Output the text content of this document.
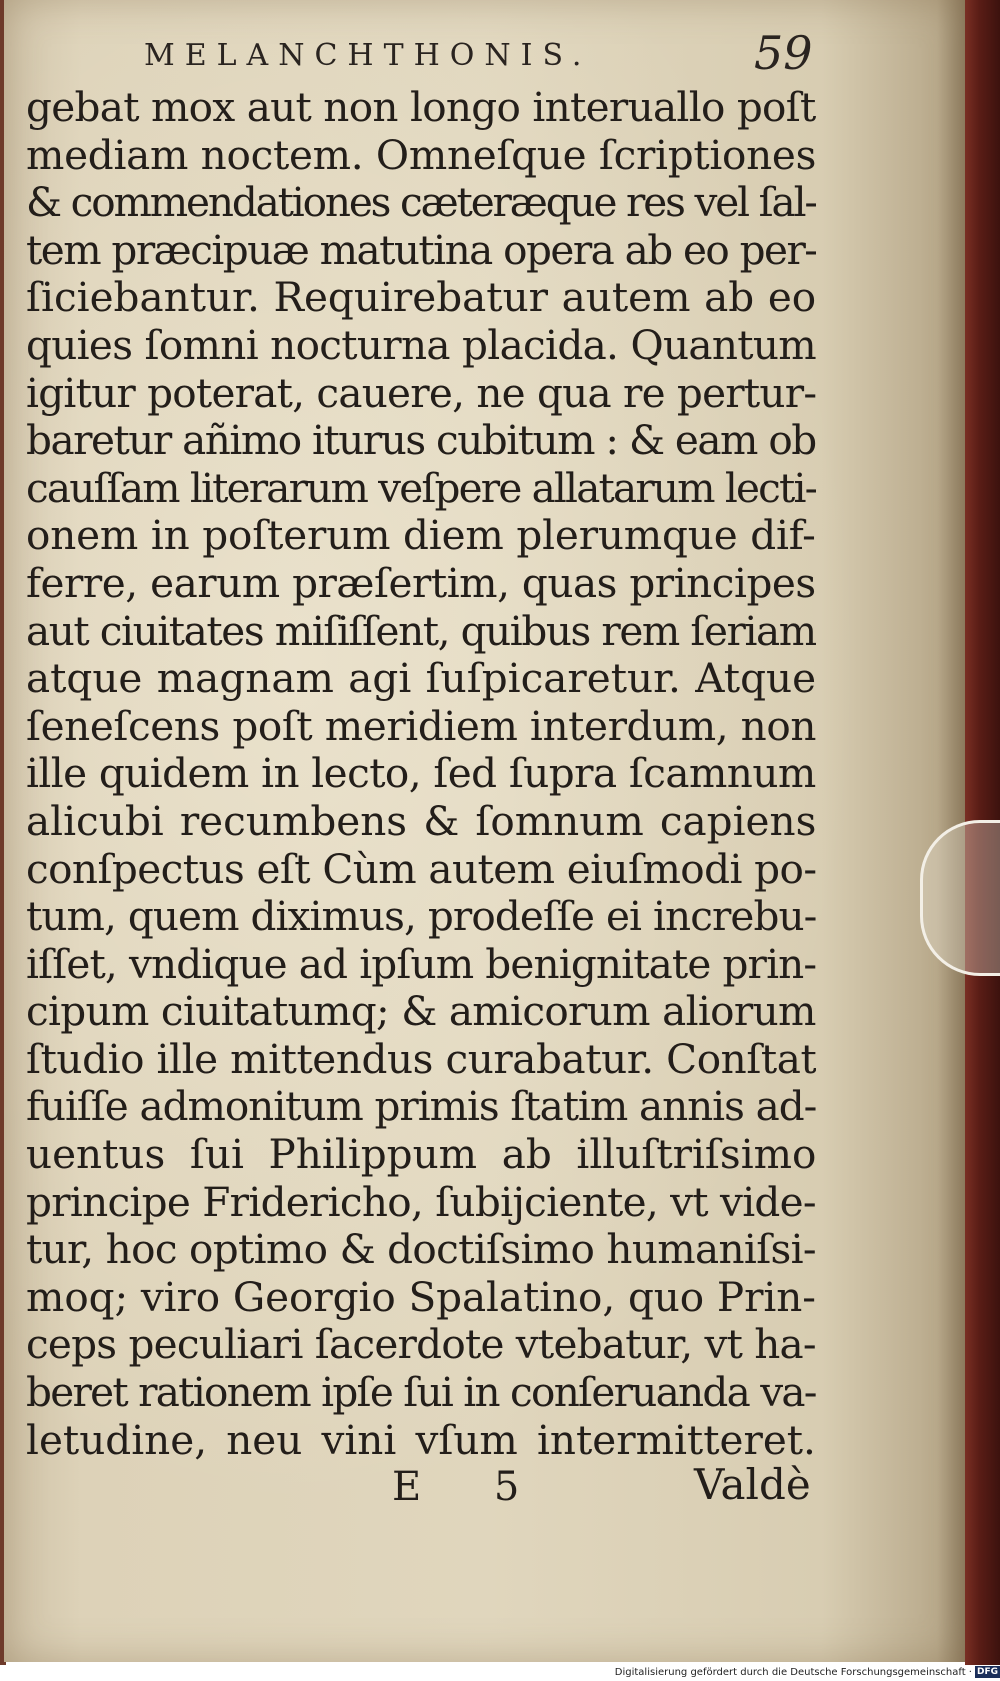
MELANCHTHONIS.	59
gebat mox aut non longo interuallo poſt
mediam noctem. Omneſque ſcriptiones
& commendationes cæteræque res vel ſal-
tem præcipuæ matutina opera ab eo per-
ſiciebantur. Requirebatur autem ab eo
quies ſomni nocturna placida. Quantum
igitur poterat, cauere, ne qua re pertur-
baretur añimo iturus cubitum : & eam ob
cauſſam literarum veſpere allatarum lecti-
onem in poſterum diem plerumque dif-
ferre, earum præſertim, quas principes
aut ciuitates miſiſſent, quibus rem ſeriam
atque magnam agi ſuſpicaretur. Atque
ſeneſcens poſt meridiem interdum, non
ille quidem in lecto, ſed ſupra ſcamnum
alicubi recumbens & ſomnum capiens
conſpectus eſt Cùm autem eiuſmodi po-
tum, quem diximus, prodeſſe ei increbu-
iſſet, vndique ad ipſum benignitate prin-
cipum ciuitatumq; & amicorum aliorum
ſtudio ille mittendus curabatur. Conſtat
fuiſſe admonitum primis ſtatim annis ad-
uentus ſui Philippum ab illuſtriſsimo
principe Friderichо, ſubijciente, vt vide-
tur, hoc optimo & doctiſsimo humaniſsi-
moq; viro Georgio Spalatino, quo Prin-
ceps peculiari ſacerdote vtebatur, vt ha-
beret rationem ipſe ſui in conſeruanda va-
letudine, neu vini vſum intermitteret.
E 5	Valdè
Digitalisierung gefördert durch die Deutsche Forschungsgemeinschaft · DFG
